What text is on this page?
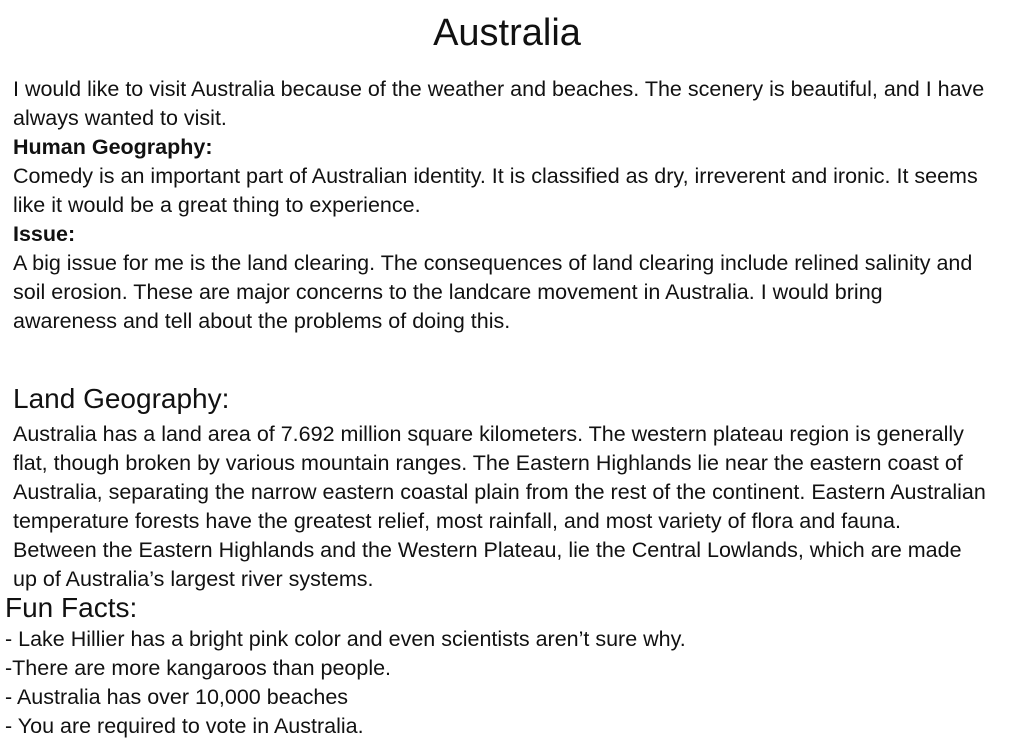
Australia

I would like to visit Australia because of the weather and beaches. The scenery is beautiful, and I have always wanted to visit.

Human Geography:

Comedy is an important part of Australian identity. It is classified as dry, irreverent and ironic. It seems like it would be a great thing to experience.

Issue:

A big issue for me is the land clearing. The consequences of land clearing include relined salinity and soil erosion. These are major concerns to the landcare movement in Australia. I would bring awareness and tell about the problems of doing this.

Land Geography:

Australia has a land area of 7.692 million square kilometers. The western plateau region is generally flat, though broken by various mountain ranges. The Eastern Highlands lie near the eastern coast of Australia, separating the narrow eastern coastal plain from the rest of the continent. Eastern Australian temperature forests have the greatest relief, most rainfall, and most variety of flora and fauna. Between the Eastern Highlands and the Western Plateau, lie the Central Lowlands, which are made up of Australia’s largest river systems.

Fun Facts:
- Lake Hillier has a bright pink color and even scientists aren’t sure why.
-There are more kangaroos than people.
- Australia has over 10,000 beaches
- You are required to vote in Australia.
